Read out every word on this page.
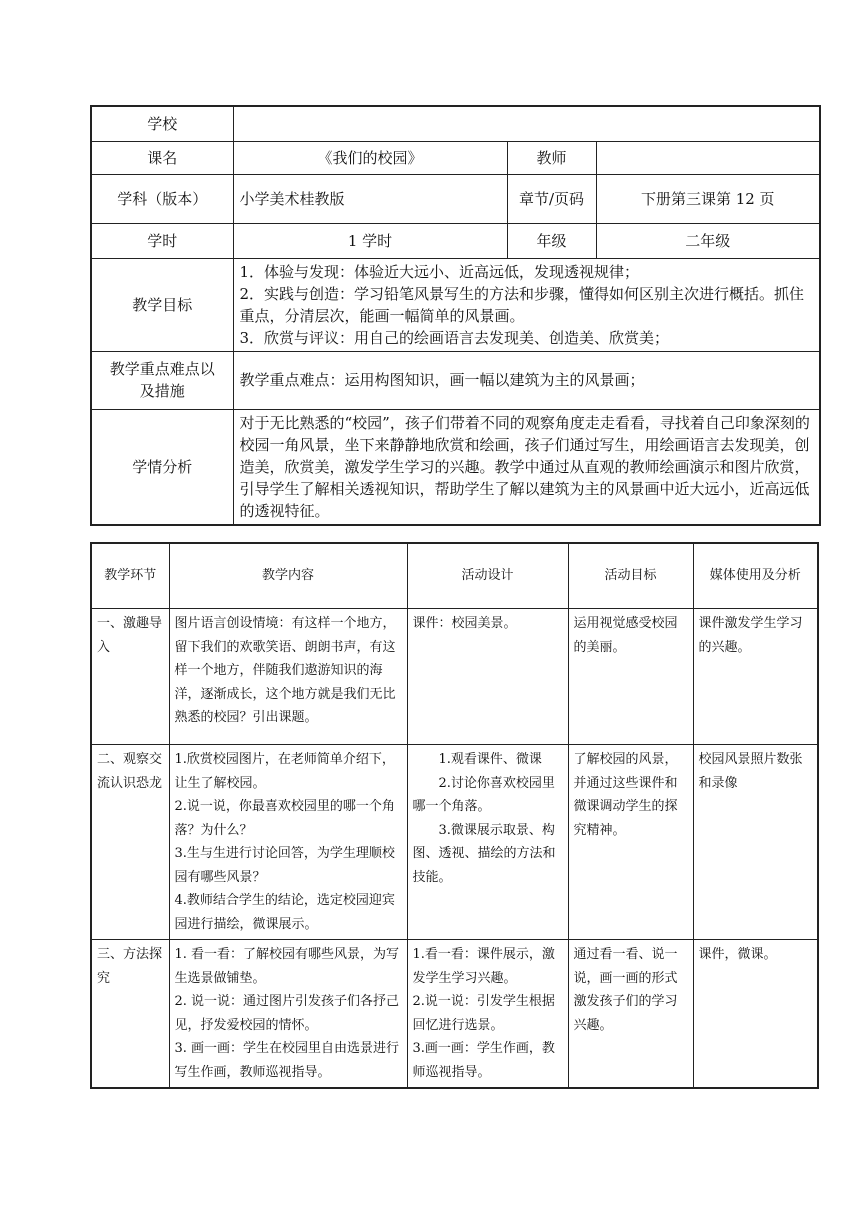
学校			
课名	《我们的校园》	教师	
学科（版本）	小学美术桂教版	章节/页码	下册第三课第 12 页
学时	1 学时	年级	二年级
教学目标	1．体验与发现：体验近大远小、近高远低，发现透视规律；
2．实践与创造：学习铅笔风景写生的方法和步骤，懂得如何区别主次进行概括。抓住重点，分清层次，能画一幅简单的风景画。
3．欣赏与评议：用自己的绘画语言去发现美、创造美、欣赏美；		

教学重点难点以及措施	教学重点难点：运用构图知识，画一幅以建筑为主的风景画；		
学情分析	对于无比熟悉的“校园”，孩子们带着不同的观察角度走走看看，寻找着自己印象深刻的校园一角风景，坐下来静静地欣赏和绘画，孩子们通过写生，用绘画语言去发现美，创造美，欣赏美，激发学生学习的兴趣。教学中通过从直观的教师绘画演示和图片欣赏，引导学生了解相关透视知识，帮助学生了解以建筑为主的风景画中近大远小，近高远低的透视特征。		
教学环节	教学内容	活动设计	活动目标	媒体使用及分析
一、激趣导入	图片语言创设情境：有这样一个地方，留下我们的欢歌笑语、朗朗书声，有这样一个地方，伴随我们遨游知识的海洋，逐渐成长，这个地方就是我们无比熟悉的校园？引出课题。	课件：校园美景。	运用视觉感受校园的美丽。	课件激发学生学习的兴趣。
二、观察交流认识恐龙	1.欣赏校园图片，在老师简单介绍下，让生了解校园。
2.说一说，你最喜欢校园里的哪一个角落？为什么？
3.生与生进行讨论回答，为学生理顺校园有哪些风景？
4.教师结合学生的结论，选定校园迎宾园进行描绘，微课展示。	1.观看课件、微课
2.讨论你喜欢校园里哪一个角落。
3.微课展示取景、构图、透视、描绘的方法和技能。	了解校园的风景，并通过这些课件和微课调动学生的探究精神。	校园风景照片数张和录像
三、方法探究	1. 看一看：了解校园有哪些风景，为写生选景做铺垫。
2. 说一说：通过图片引发孩子们各抒己见，抒发爱校园的情怀。
3. 画一画：学生在校园里自由选景进行写生作画，教师巡视指导。	1.看一看：课件展示，激发学生学习兴趣。
2.说一说：引发学生根据回忆进行选景。
3.画一画：学生作画，教师巡视指导。	通过看一看、说一说，画一画的形式激发孩子们的学习兴趣。	课件，微课。
